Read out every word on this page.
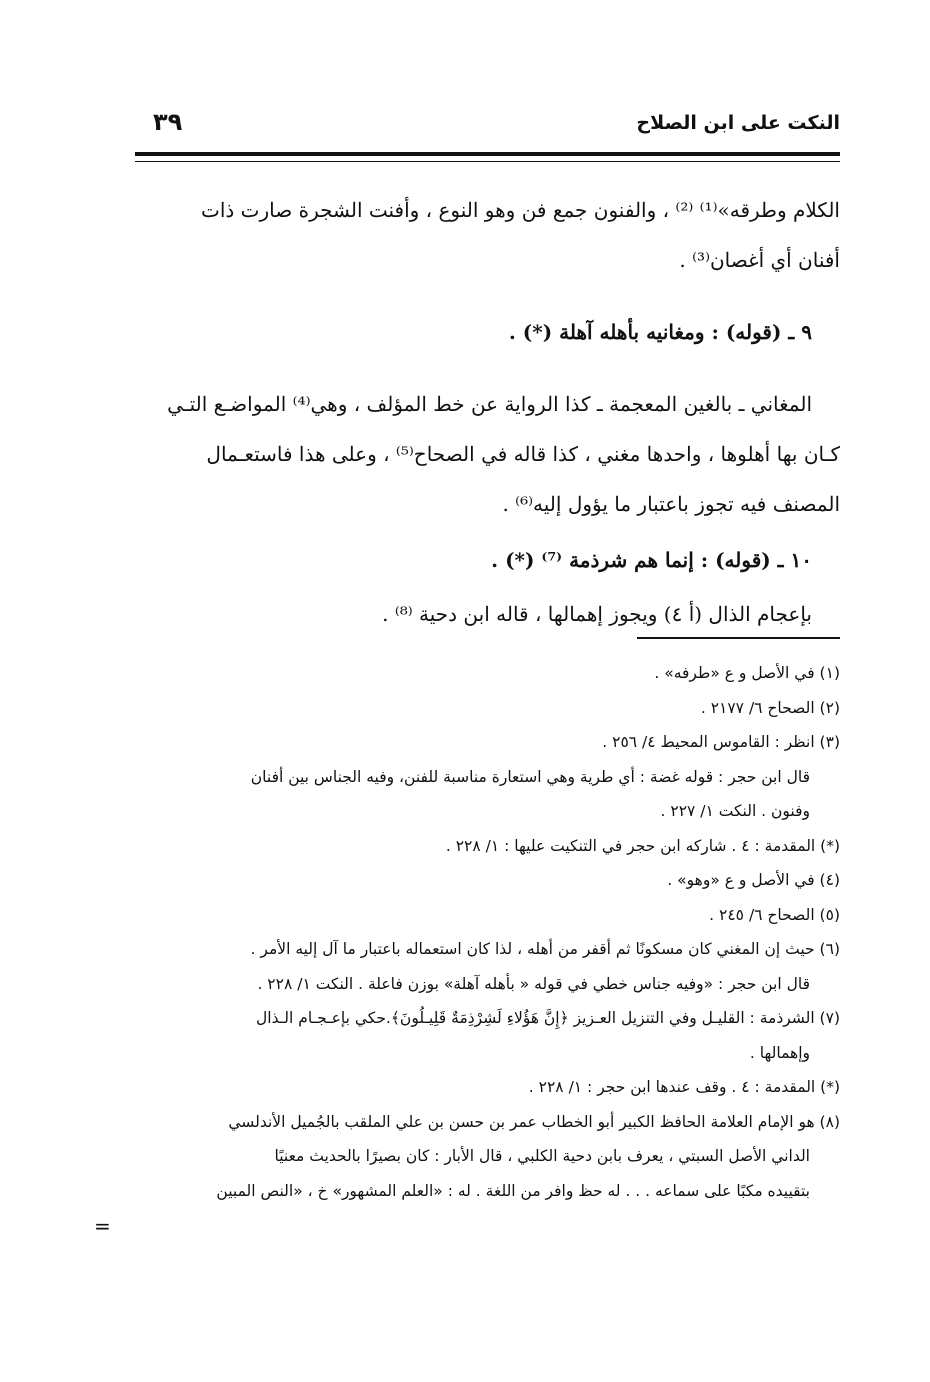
النكت على ابن الصلاح
٣٩

الكلام وطرقه»⁽¹⁾ ⁽²⁾ ، والفنون جمع فن وهو النوع ، وأفنت الشجرة صارت ذات

أفنان أي أغصان⁽³⁾ .

٩ ـ (قوله) : ومغانيه بأهله آهلة (*) .

المغاني ـ بالغين المعجمة ـ كذا الرواية عن خط المؤلف ، وهي⁽⁴⁾ المواضـع التـي

كـان بها أهلوها ، واحدها مغني ، كذا قاله في الصحاح⁽⁵⁾ ، وعلى هذا فاستعـمال

المصنف فيه تجوز باعتبار ما يؤول إليه⁽⁶⁾ .

١٠ ـ (قوله) : إنما هم شرذمة ⁽⁷⁾ (*) .

بإعجام الذال (أ ٤) ويجوز إهمالها ، قاله ابن دحية ⁽⁸⁾ .

(١) في الأصل و ع «طرفه» .

(٢) الصحاح ٦/ ٢١٧٧ .

(٣) انظر : القاموس المحيط ٤/ ٢٥٦ .

قال ابن حجر : قوله غضة : أي طرية وهي استعارة مناسبة للفنن، وفيه الجناس بين أفنان

وفنون . النكت ١/ ٢٢٧ .

(*) المقدمة : ٤ . شاركه ابن حجر في التنكيت عليها : ١/ ٢٢٨ .

(٤) في الأصل و ع «وهو» .

(٥) الصحاح ٦/ ٢٤٥ .

(٦) حيث إن المغني كان مسكونًا ثم أقفر من أهله ، لذا كان استعماله باعتبار ما آل إليه الأمر .

قال ابن حجر : «وفيه جناس خطي في قوله « بأهله آهلة» بوزن فاعلة . النكت ١/ ٢٢٨ .

(٧) الشرذمة : القليـل وفي التنزيل العـزيز ﴿إِنَّ هَؤُلاءِ لَشِرْذِمَةٌ قَلِيـلُونَ﴾.حكي بإعـجـام الـذال

وإهمالها .

(*) المقدمة : ٤ . وقف عندها ابن حجر : ١/ ٢٢٨ .

(٨) هو الإمام العلامة الحافظ الكبير أبو الخطاب عمر بن حسن بن علي الملقب بالجُميل الأندلسي

الداني الأصل السبتي ، يعرف بابن دحية الكلبي ، قال الأبار : كان بصيرًا بالحديث معنيًا

بتقييده مكبًا على سماعه . . . له حظ وافر من اللغة . له : «العلم المشهور» خ ، «النص المبين

=
